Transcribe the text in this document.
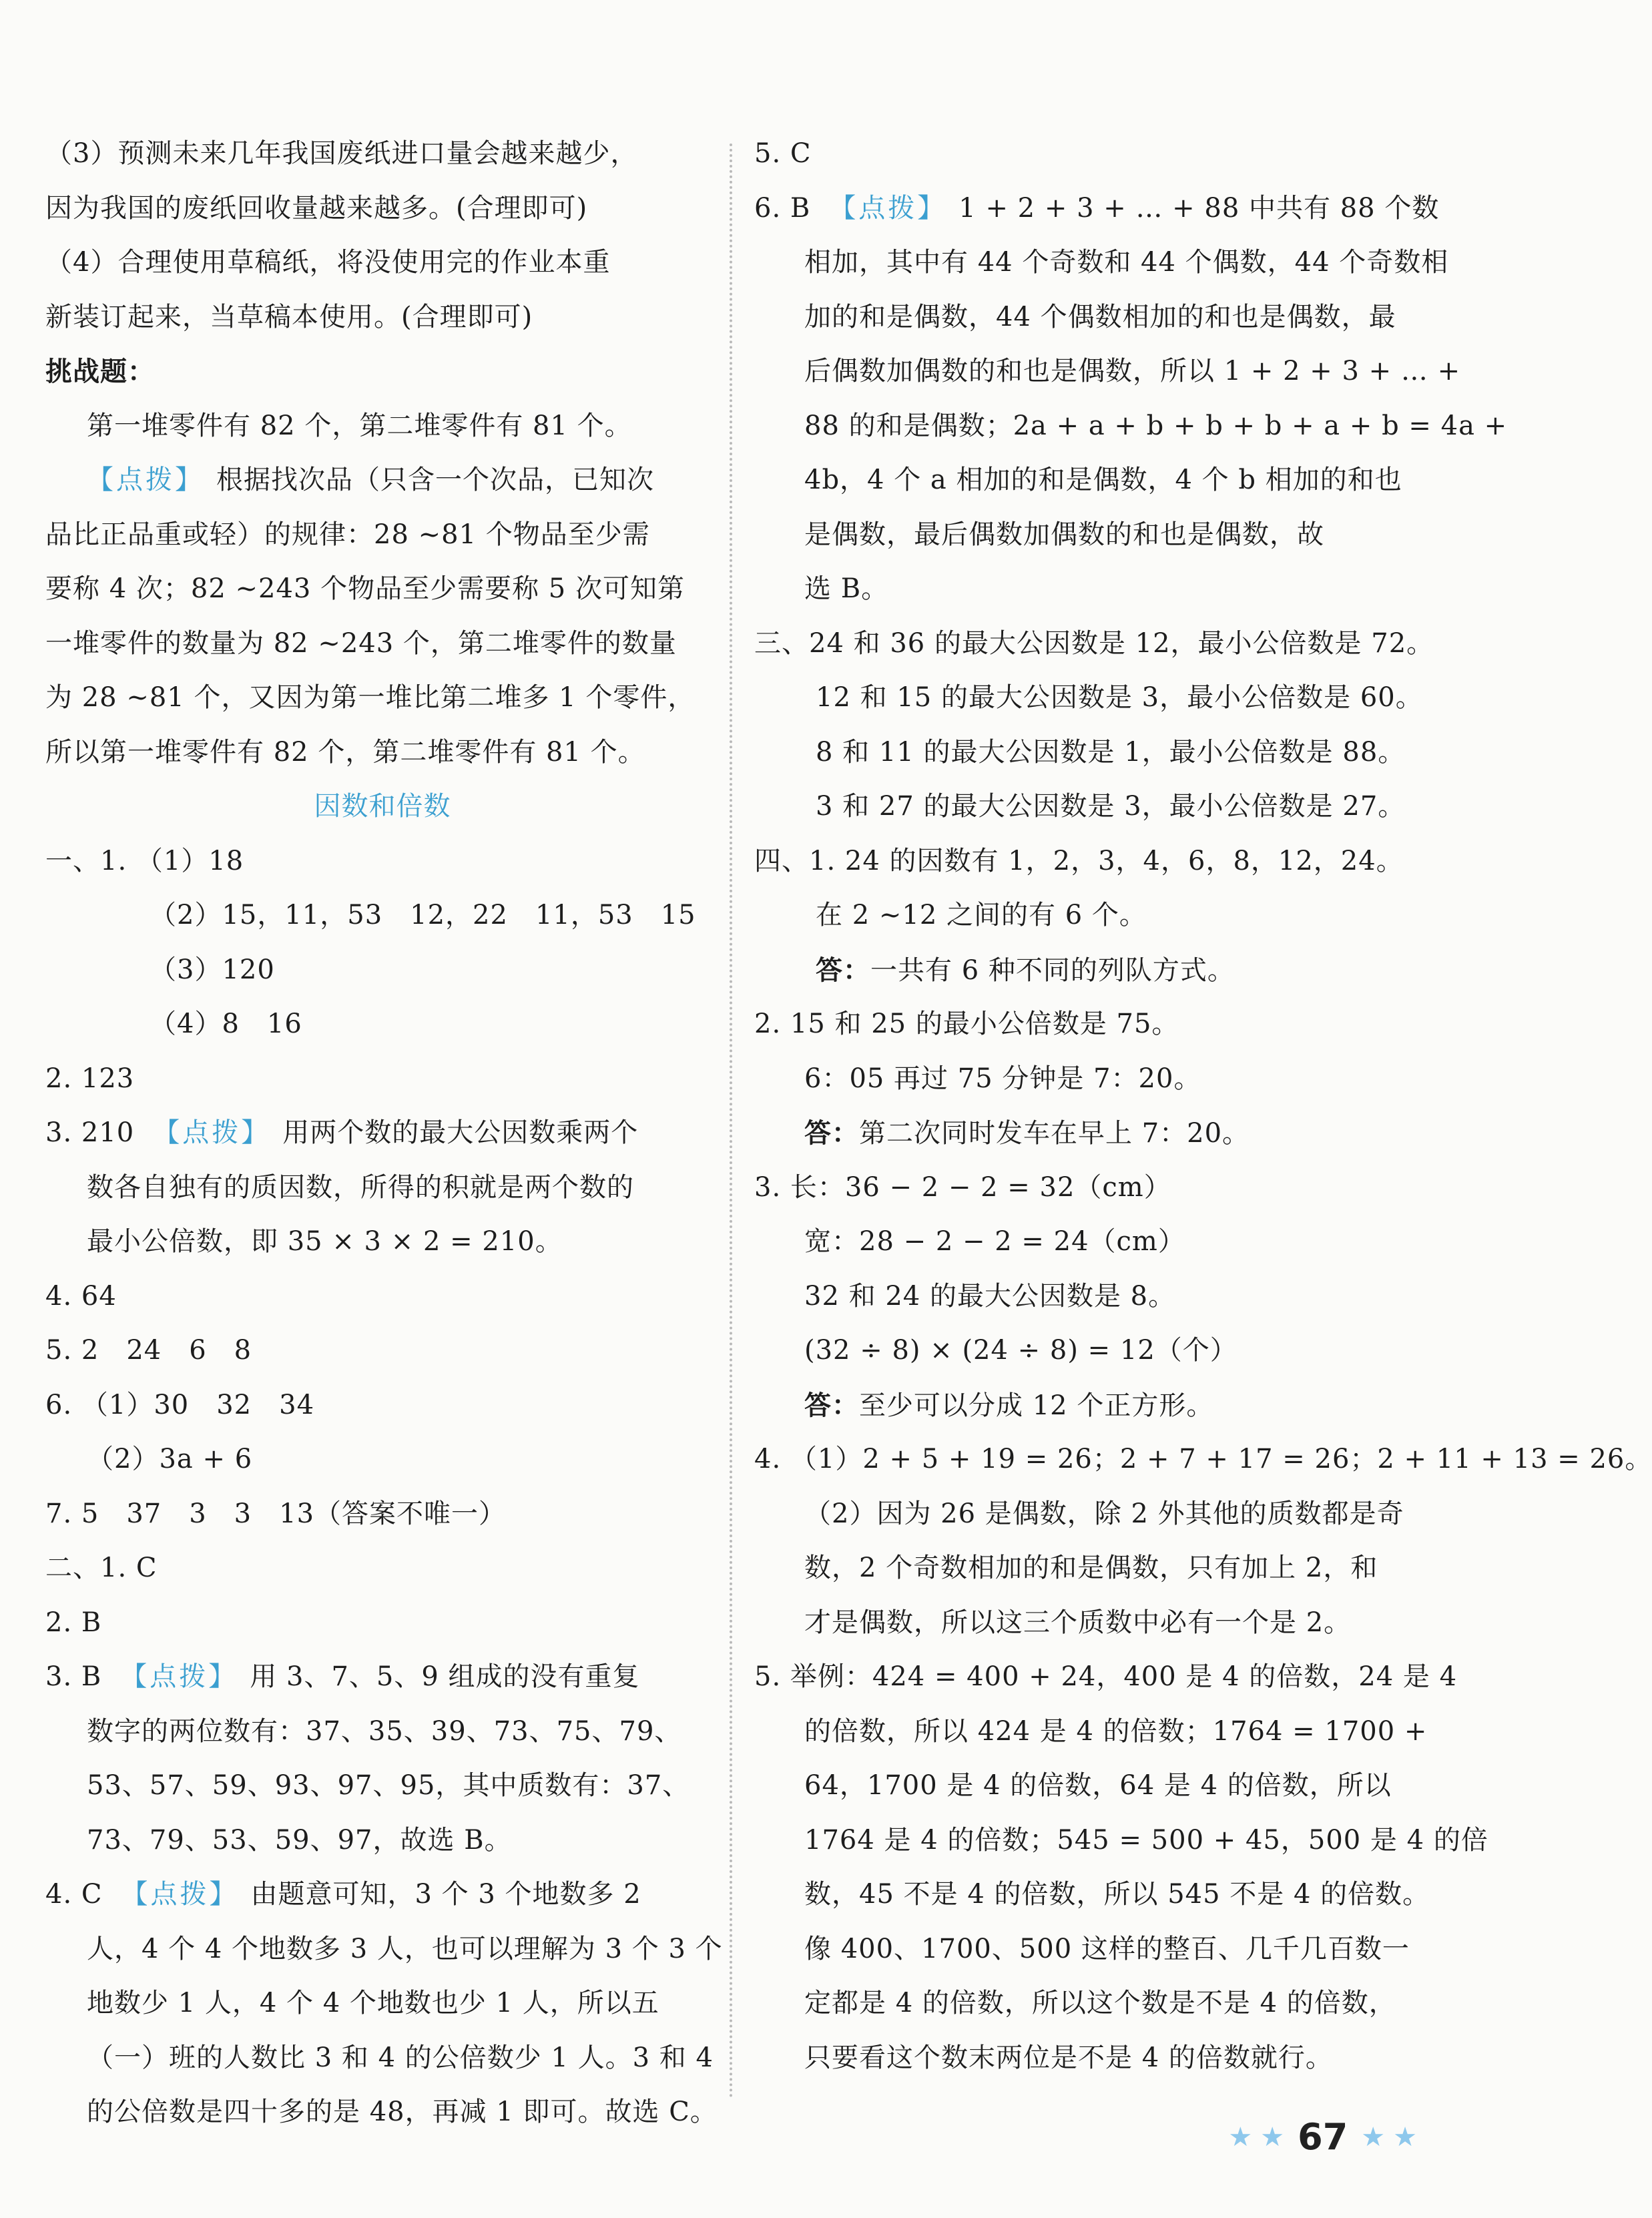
（3）预测未来几年我国废纸进口量会越来越少，
因为我国的废纸回收量越来越多。(合理即可)
（4）合理使用草稿纸，将没使用完的作业本重
新装订起来，当草稿本使用。(合理即可)
挑战题：
第一堆零件有 82 个，第二堆零件有 81 个。
【点拨】 根据找次品（只含一个次品，已知次
品比正品重或轻）的规律：28 ~81 个物品至少需
要称 4 次；82 ~243 个物品至少需要称 5 次可知第
一堆零件的数量为 82 ~243 个，第二堆零件的数量
为 28 ~81 个，又因为第一堆比第二堆多 1 个零件，
所以第一堆零件有 82 个，第二堆零件有 81 个。
因数和倍数
一、1. （1）18
（2）15，11，53　12，22　11，53　15
（3）120
（4）8　16
2. 123
3. 210 【点拨】 用两个数的最大公因数乘两个
数各自独有的质因数，所得的积就是两个数的
最小公倍数，即 35 × 3 × 2 = 210。
4. 64
5. 2　24　6　8
6. （1）30　32　34
（2）3a + 6
7. 5　37　3　3　13（答案不唯一）
二、1. C
2. B
3. B 【点拨】 用 3、7、5、9 组成的没有重复
数字的两位数有：37、35、39、73、75、79、
53、57、59、93、97、95，其中质数有：37、
73、79、53、59、97，故选 B。
4. C 【点拨】 由题意可知，3 个 3 个地数多 2
人，4 个 4 个地数多 3 人，也可以理解为 3 个 3 个
地数少 1 人，4 个 4 个地数也少 1 人，所以五
（一）班的人数比 3 和 4 的公倍数少 1 人。3 和 4
的公倍数是四十多的是 48，再减 1 即可。故选 C。
5. C
6. B 【点拨】 1 + 2 + 3 + … + 88 中共有 88 个数
相加，其中有 44 个奇数和 44 个偶数，44 个奇数相
加的和是偶数，44 个偶数相加的和也是偶数，最
后偶数加偶数的和也是偶数，所以 1 + 2 + 3 + … +
88 的和是偶数；2a + a + b + b + b + a + b = 4a +
4b，4 个 a 相加的和是偶数，4 个 b 相加的和也
是偶数，最后偶数加偶数的和也是偶数，故
选 B。
三、24 和 36 的最大公因数是 12，最小公倍数是 72。
12 和 15 的最大公因数是 3，最小公倍数是 60。
8 和 11 的最大公因数是 1，最小公倍数是 88。
3 和 27 的最大公因数是 3，最小公倍数是 27。
四、1. 24 的因数有 1，2，3，4，6，8，12，24。
在 2 ~12 之间的有 6 个。
答：一共有 6 种不同的列队方式。
2. 15 和 25 的最小公倍数是 75。
6：05 再过 75 分钟是 7：20。
答：第二次同时发车在早上 7：20。
3. 长：36 − 2 − 2 = 32（cm）
宽：28 − 2 − 2 = 24（cm）
32 和 24 的最大公因数是 8。
(32 ÷ 8) × (24 ÷ 8) = 12（个）
答：至少可以分成 12 个正方形。
4. （1）2 + 5 + 19 = 26；2 + 7 + 17 = 26；2 + 11 + 13 = 26。
（2）因为 26 是偶数，除 2 外其他的质数都是奇
数，2 个奇数相加的和是偶数，只有加上 2，和
才是偶数，所以这三个质数中必有一个是 2。
5. 举例：424 = 400 + 24，400 是 4 的倍数，24 是 4
的倍数，所以 424 是 4 的倍数；1764 = 1700 +
64，1700 是 4 的倍数，64 是 4 的倍数，所以
1764 是 4 的倍数；545 = 500 + 45，500 是 4 的倍
数，45 不是 4 的倍数，所以 545 不是 4 的倍数。
像 400、1700、500 这样的整百、几千几百数一
定都是 4 的倍数，所以这个数是不是 4 的倍数，
只要看这个数末两位是不是 4 的倍数就行。
★ ★ 67 ★ ★
